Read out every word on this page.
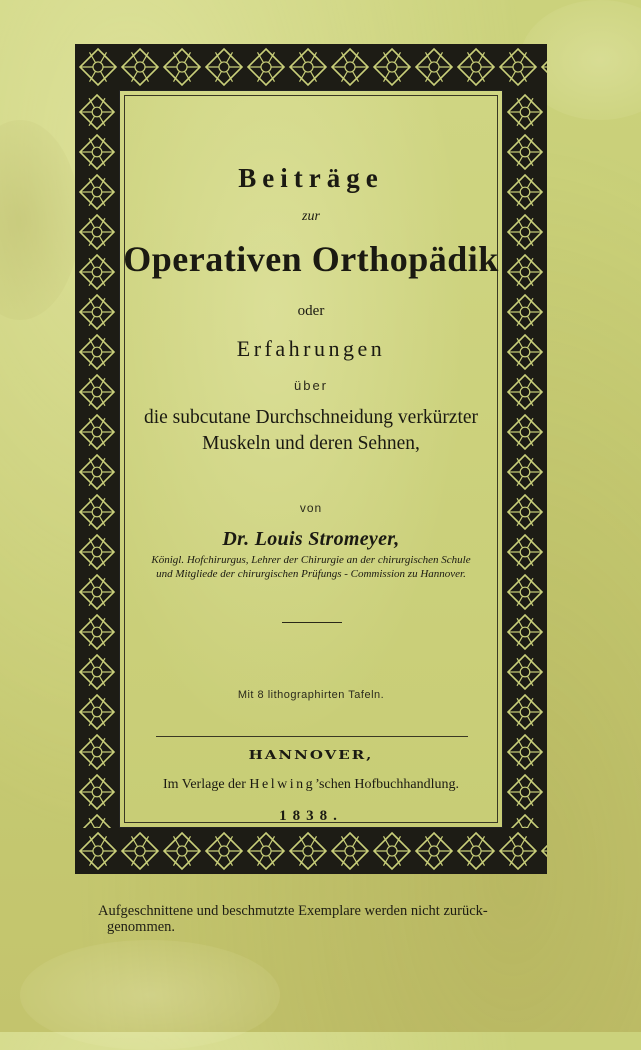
Beiträge
zur
Operativen Orthopädik
oder
Erfahrungen
über
die subcutane Durchschneidung verkürzter
Muskeln und deren Sehnen,
von
Dr. Louis Stromeyer,
Königl. Hofchirurgus, Lehrer der Chirurgie an der chirurgischen Schule
und Mitgliede der chirurgischen Prüfungs - Commission zu Hannover.
Mit 8 lithographirten Tafeln.
HANNOVER,
Im Verlage der Helwing’schen Hofbuchhandlung.
1838.
Aufgeschnittene und beschmutzte Exemplare werden nicht zurück-
genommen.
